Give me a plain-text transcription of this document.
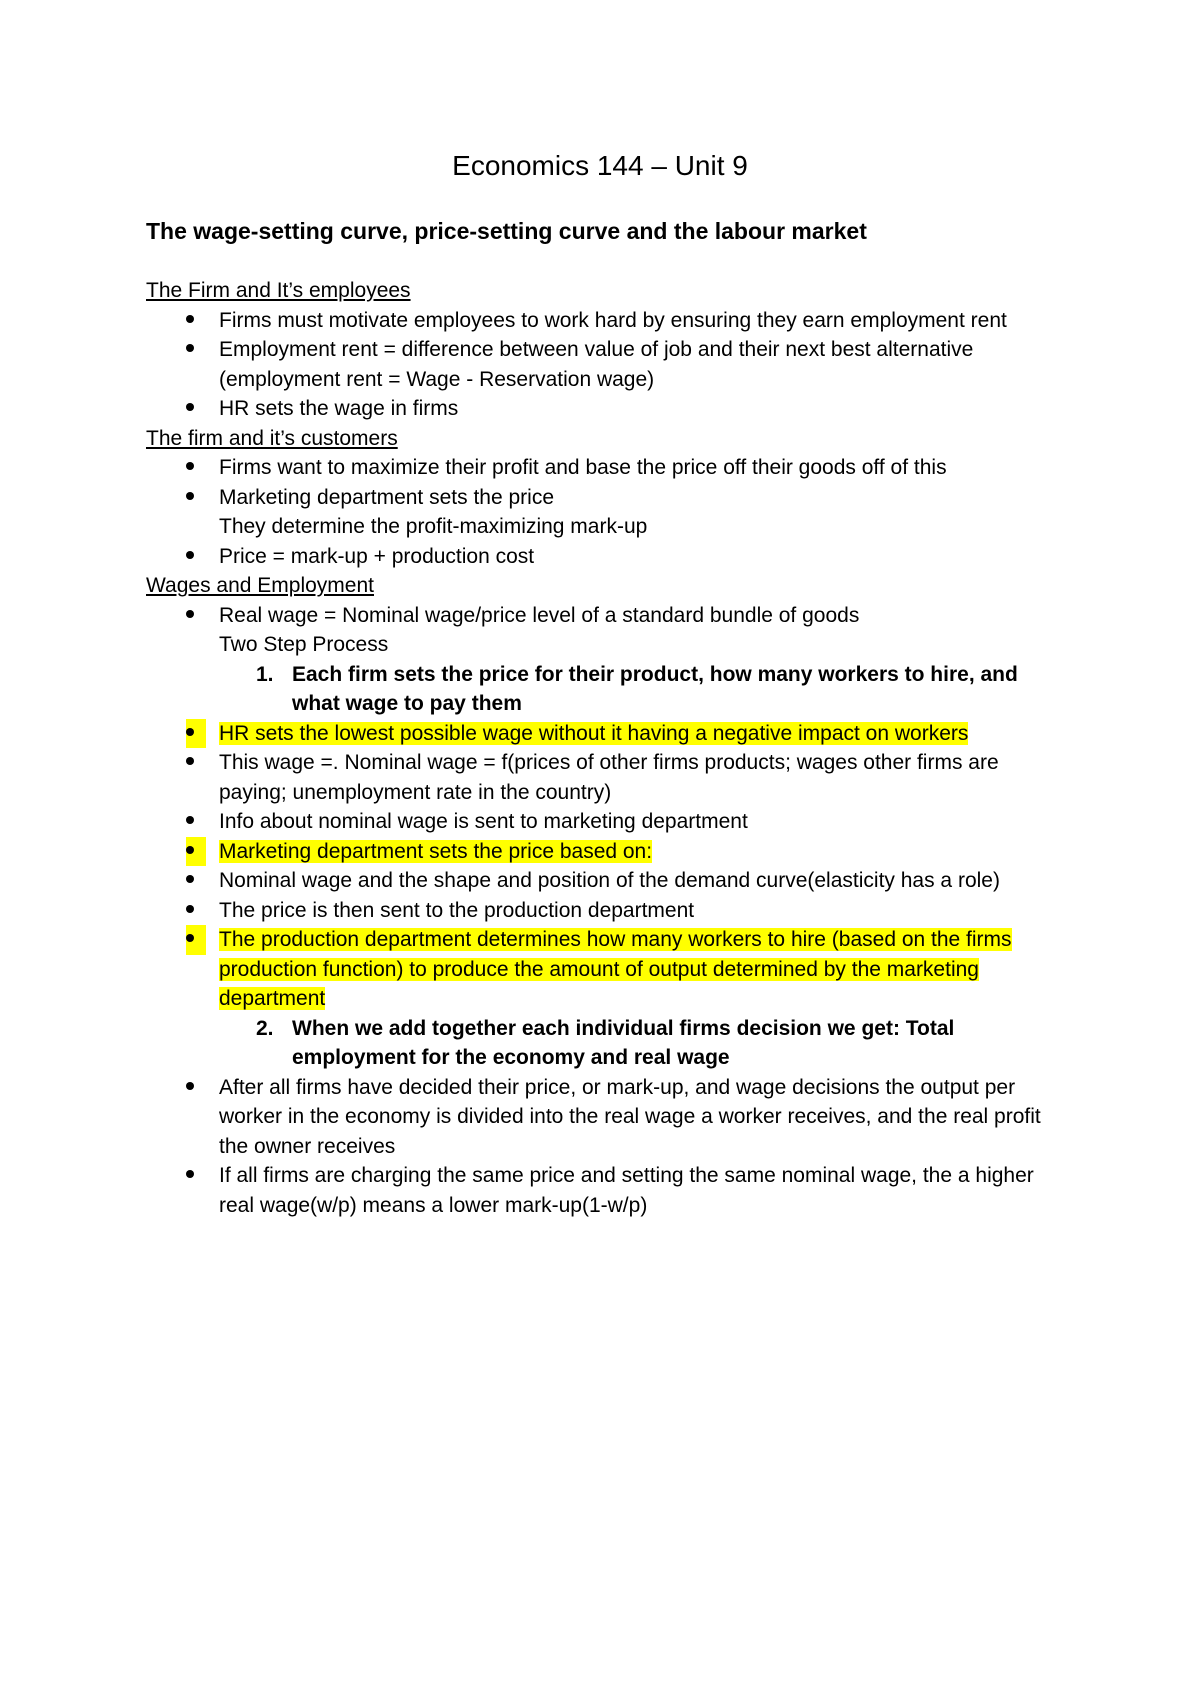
Economics 144 – Unit 9
The wage-setting curve, price-setting curve and the labour market
The Firm and It’s employees
Firms must motivate employees to work hard by ensuring they earn employment rent
Employment rent = difference between value of job and their next best alternative (employment rent = Wage - Reservation wage)
HR sets the wage in firms
The firm and it’s customers
Firms want to maximize their profit and base the price off their goods off of this
Marketing department sets the price
They determine the profit-maximizing mark-up
Price = mark-up + production cost
Wages and Employment
Real wage = Nominal wage/price level of a standard bundle of goods
Two Step Process
1. Each firm sets the price for their product, how many workers to hire, and what wage to pay them
HR sets the lowest possible wage without it having a negative impact on workers
This wage =. Nominal wage = f(prices of other firms products; wages other firms are paying; unemployment rate in the country)
Info about nominal wage is sent to marketing department
Marketing department sets the price based on:
Nominal wage and the shape and position of the demand curve(elasticity has a role)
The price is then sent to the production department
The production department determines how many workers to hire (based on the firms production function) to produce the amount of output determined by the marketing department
2. When we add together each individual firms decision we get: Total employment for the economy and real wage
After all firms have decided their price, or mark-up, and wage decisions the output per worker in the economy is divided into the real wage a worker receives, and the real profit the owner receives
If all firms are charging the same price and setting the same nominal wage, the a higher real wage(w/p) means a lower mark-up(1-w/p)
